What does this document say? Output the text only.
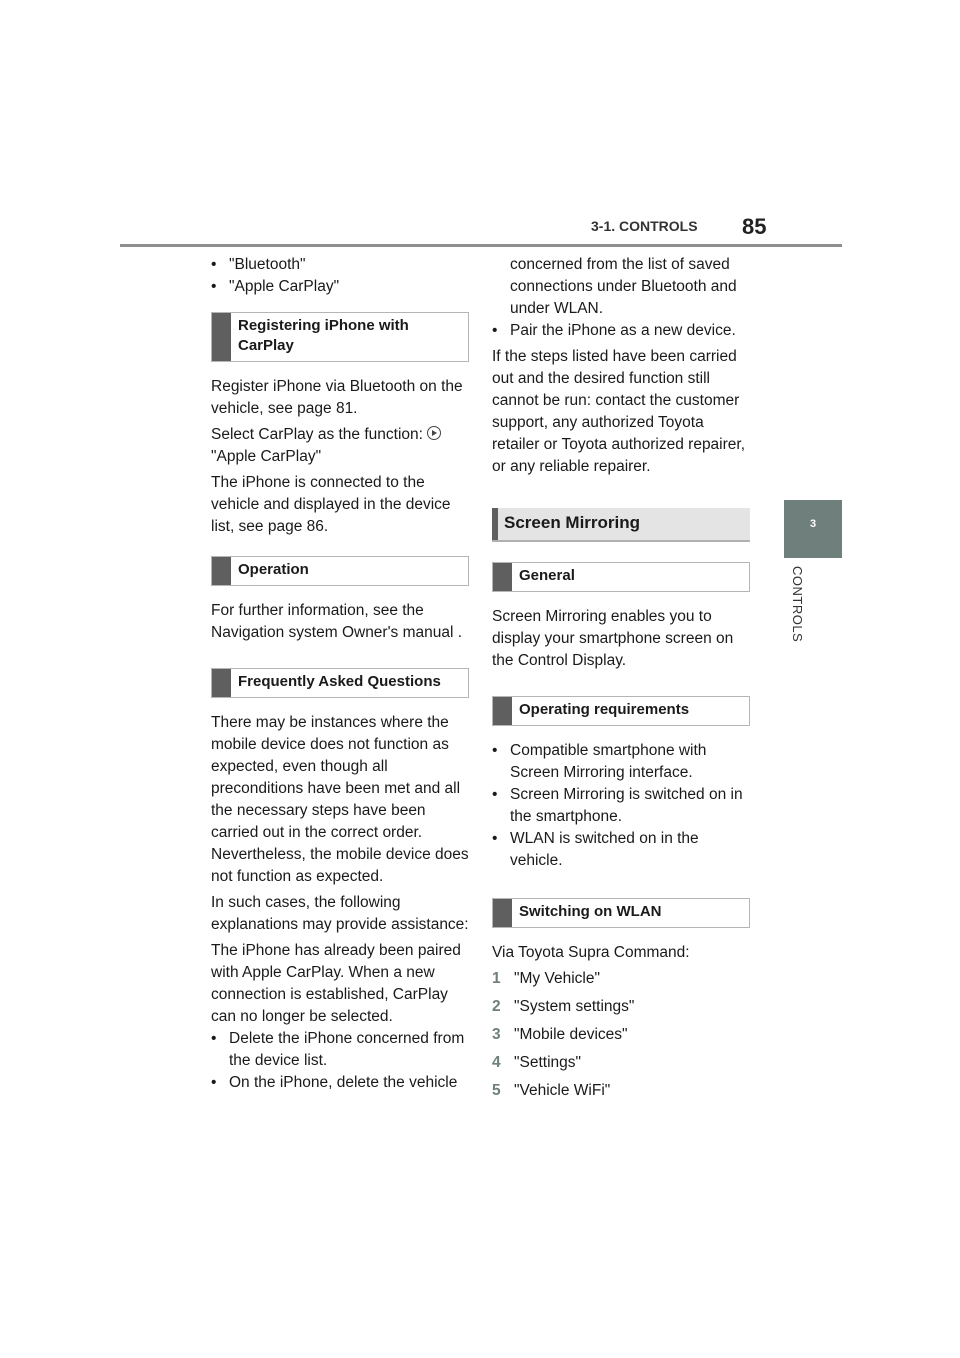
3-1. CONTROLS 85
3
CONTROLS
• "Bluetooth"
• "Apple CarPlay"
Registering iPhone with CarPlay

Register iPhone via Bluetooth on the vehicle, see page 81.

Select CarPlay as the function:
"Apple CarPlay"

The iPhone is connected to the vehicle and displayed in the device list, see page 86.

Operation

For further information, see the Navigation system Owner's manual .

Frequently Asked Questions

There may be instances where the mobile device does not function as expected, even though all preconditions have been met and all the necessary steps have been carried out in the correct order. Nevertheless, the mobile device does not function as expected.

In such cases, the following explanations may provide assistance:

The iPhone has already been paired with Apple CarPlay. When a new connection is established, CarPlay can no longer be selected.

• Delete the iPhone concerned from the device list.
• On the iPhone, delete the vehicle
concerned from the list of saved connections under Bluetooth and under WLAN.
• Pair the iPhone as a new device.

If the steps listed have been carried out and the desired function still cannot be run: contact the customer support, any authorized Toyota retailer or Toyota authorized repairer, or any reliable repairer.

Screen Mirroring
General

Screen Mirroring enables you to display your smartphone screen on the Control Display.

Operating requirements
• Compatible smartphone with Screen Mirroring interface.
• Screen Mirroring is switched on in the smartphone.
• WLAN is switched on in the vehicle.
Switching on WLAN

Via Toyota Supra Command:

1 "My Vehicle"
2 "System settings"
3 "Mobile devices"
4 "Settings"
5 "Vehicle WiFi"
